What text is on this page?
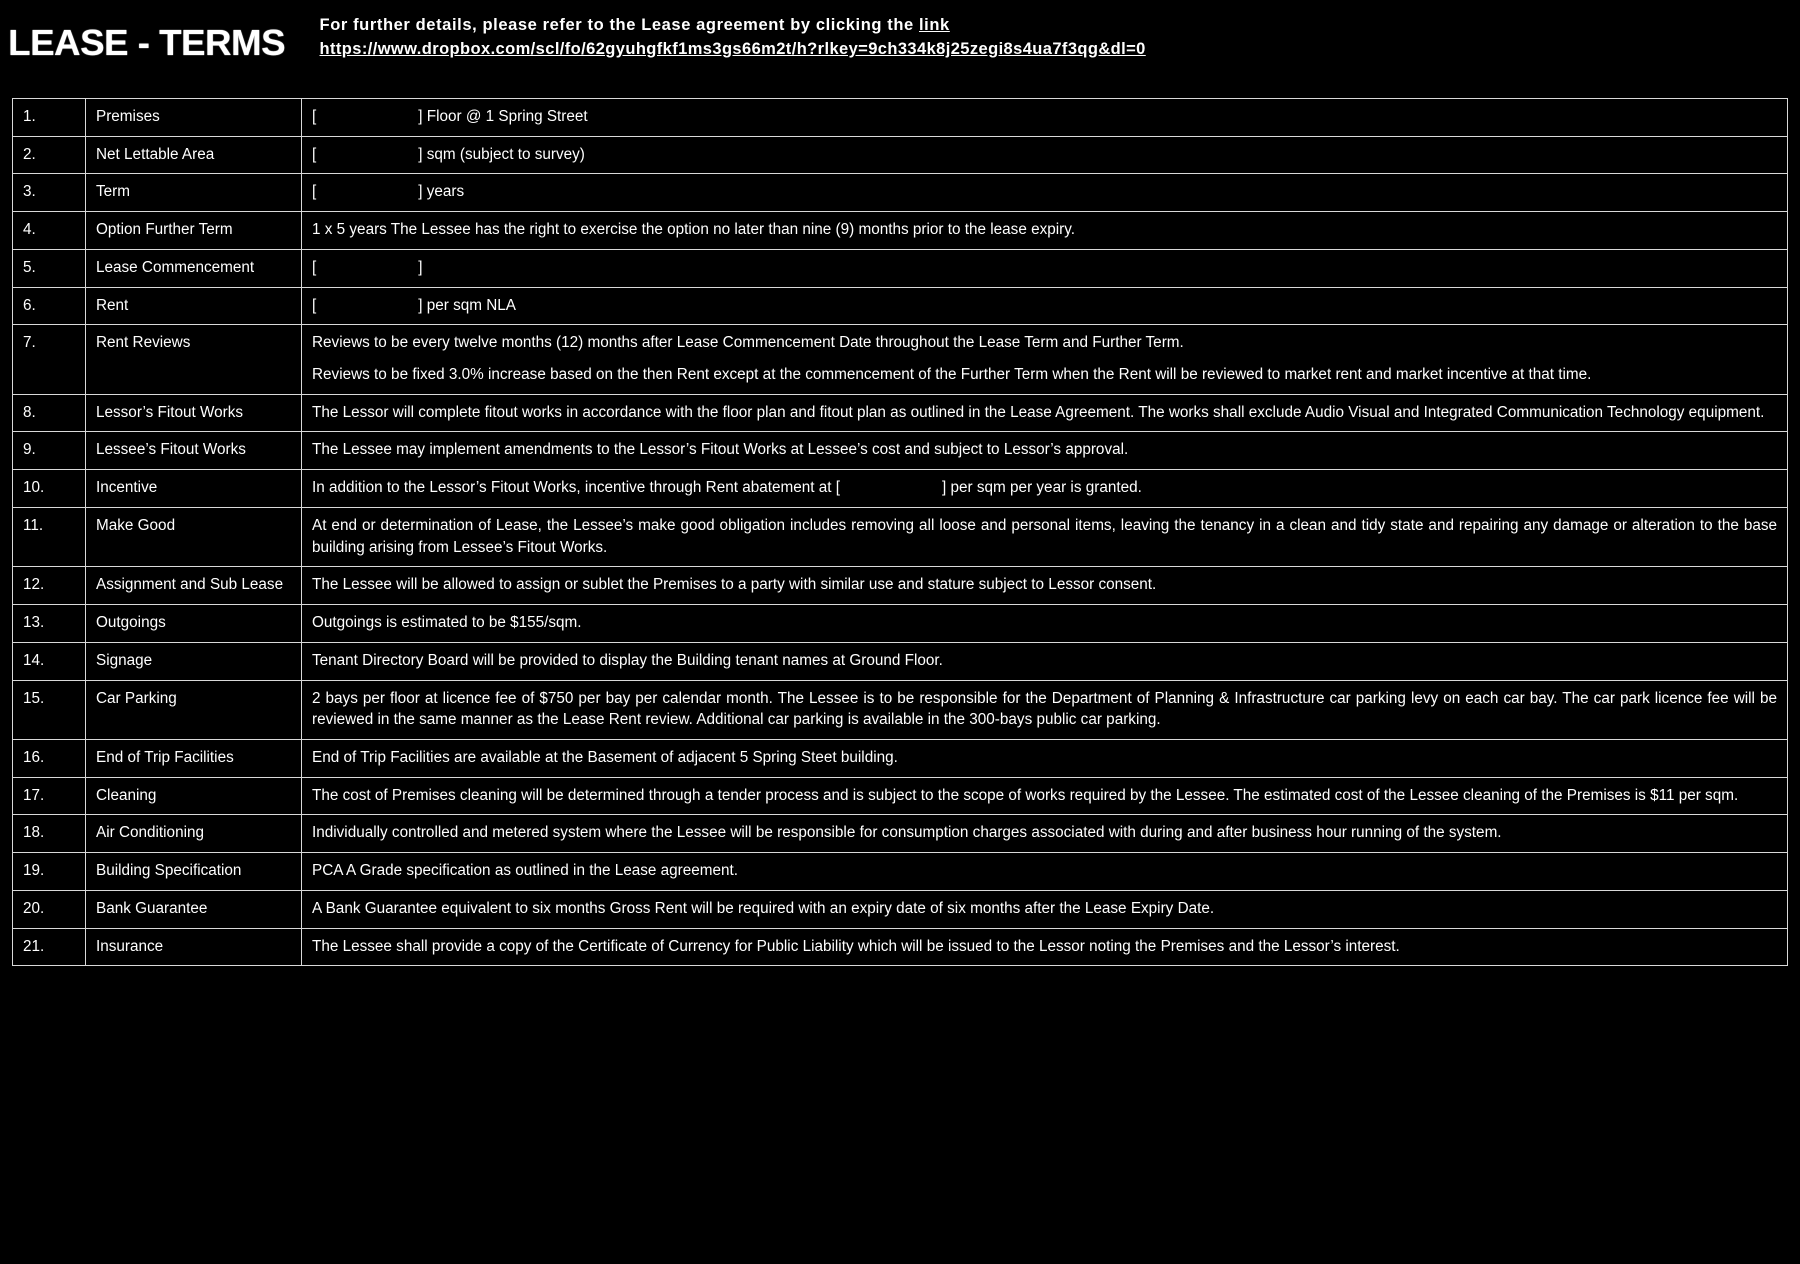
LEASE - TERMS For further details, please refer to the Lease agreement by clicking the link
https://www.dropbox.com/scl/fo/62gyuhgfkf1ms3gs66m2t/h?rlkey=9ch334k8j25zegi8s4ua7f3qg&dl=0
1.	Premises	[ ] Floor @ 1 Spring Street
2.	Net Lettable Area	[ ] sqm (subject to survey)
3.	Term	[ ] years
4.	Option Further Term	1 x 5 years The Lessee has the right to exercise the option no later than nine (9) months prior to the lease expiry.

5.	Lease Commencement	[ ]
6.	Rent	[ ] per sqm NLA
7.	Rent Reviews	Reviews to be every twelve months (12) months after Lease Commencement Date throughout the Lease Term and Further Term.
Reviews to be fixed 3.0% increase based on the then Rent except at the commencement of the Further Term when the Rent will be reviewed to market rent and market incentive at that time.

8.	Lessor’s Fitout Works	The Lessor will complete fitout works in accordance with the floor plan and fitout plan as outlined in the Lease Agreement. The works shall exclude Audio Visual and Integrated Communication Technology equipment.

9.	Lessee’s Fitout Works	The Lessee may implement amendments to the Lessor’s Fitout Works at Lessee’s cost and subject to Lessor’s approval.

10.	Incentive	In addition to the Lessor’s Fitout Works, incentive through Rent abatement at [ ] per sqm per year is granted.
11.	Make Good	At end or determination of Lease, the Lessee’s make good obligation includes removing all loose and personal items, leaving the tenancy in a clean and tidy state and repairing any damage or alteration to the base building arising from Lessee’s Fitout Works.

12.	Assignment and Sub Lease	The Lessee will be allowed to assign or sublet the Premises to a party with similar use and stature subject to Lessor consent.

13.	Outgoings	Outgoings is estimated to be $155/sqm.

14.	Signage	Tenant Directory Board will be provided to display the Building tenant names at Ground Floor.

15.	Car Parking	2 bays per floor at licence fee of $750 per bay per calendar month. The Lessee is to be responsible for the Department of Planning & Infrastructure car parking levy on each car bay. The car park licence fee will be reviewed in the same manner as the Lease Rent review. Additional car parking is available in the 300-bays public car parking.

16.	End of Trip Facilities	End of Trip Facilities are available at the Basement of adjacent 5 Spring Steet building.

17.	Cleaning	The cost of Premises cleaning will be determined through a tender process and is subject to the scope of works required by the Lessee. The estimated cost of the Lessee cleaning of the Premises is $11 per sqm.

18.	Air Conditioning	Individually controlled and metered system where the Lessee will be responsible for consumption charges associated with during and after business hour running of the system.

19.	Building Specification	PCA A Grade specification as outlined in the Lease agreement.

20.	Bank Guarantee	A Bank Guarantee equivalent to six months Gross Rent will be required with an expiry date of six months after the Lease Expiry Date.

21.	Insurance	The Lessee shall provide a copy of the Certificate of Currency for Public Liability which will be issued to the Lessor noting the Premises and the Lessor’s interest.
